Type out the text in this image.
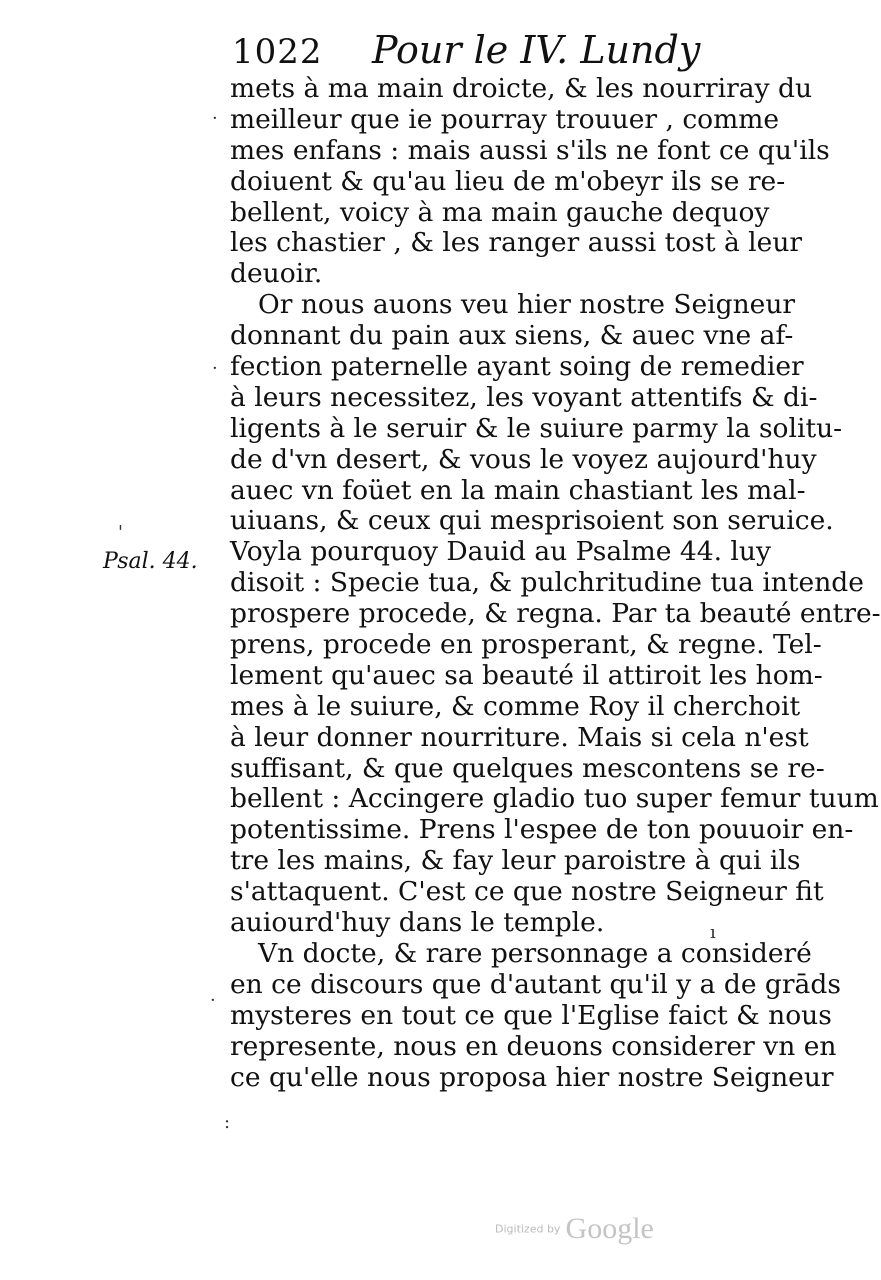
1022 Pour le IV. Lundy
mets à ma main droicte, & les nourriray du
meilleur que ie pourray trouuer , comme
mes enfans : mais aussi s'ils ne font ce qu'ils
doiuent & qu'au lieu de m'obeyr ils se re-
bellent, voicy à ma main gauche dequoy
les chastier , & les ranger aussi tost à leur
deuoir.
Or nous auons veu hier nostre Seigneur
donnant du pain aux siens, & auec vne af-
fection paternelle ayant soing de remedier
à leurs necessitez, les voyant attentifs & di-
ligents à le seruir & le suiure parmy la solitu-
de d'vn desert, & vous le voyez aujourd'huy
auec vn foüet en la main chastiant les mal-
uiuans, & ceux qui mesprisoient son seruice.
Voyla pourquoy Dauid au Psalme 44. luy
disoit : Specie tua, & pulchritudine tua intende
prospere procede, & regna. Par ta beauté entre-
prens, procede en prosperant, & regne. Tel-
lement qu'auec sa beauté il attiroit les hom-
mes à le suiure, & comme Roy il cherchoit
à leur donner nourriture. Mais si cela n'est
suffisant, & que quelques mescontens se re-
bellent : Accingere gladio tuo super femur tuum
potentissime. Prens l'espee de ton pouuoir en-
tre les mains, & fay leur paroistre à qui ils
s'attaquent. C'est ce que nostre Seigneur fit
auiourd'huy dans le temple.
Vn docte, & rare personnage a consideré
en ce discours que d'autant qu'il y a de grāds
mysteres en tout ce que l'Eglise faict & nous
represente, nous en deuons considerer vn en
ce qu'elle nous proposa hier nostre Seigneur
Psal. 44.
·
·
'
ı
·
:
Digitized by Google
